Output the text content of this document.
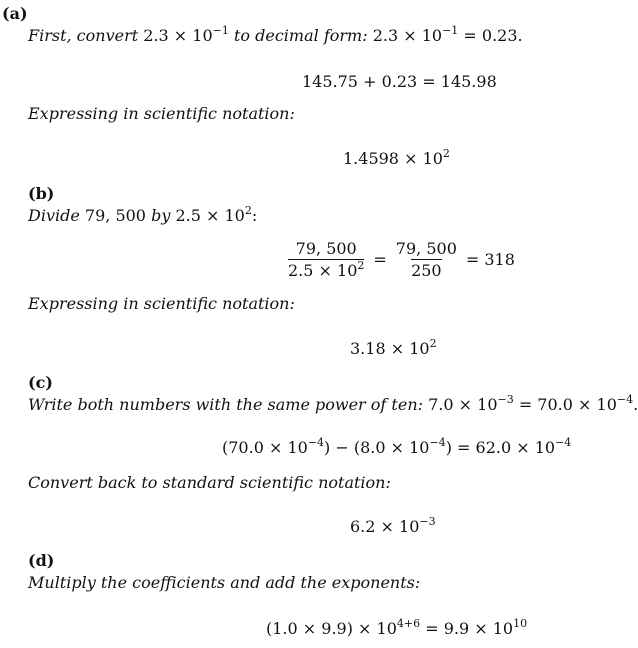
(a)
First, convert $2.3 \times 10^{-1}$ to decimal form: $2.3 \times 10^{-1} = 0.23$.
145.75 + 0.23 = 145.98
Expressing in scientific notation:
$1.4598 \times 10^2$
(b)
Divide 79, 500 by $2.5 \times 10^2$:
$\frac{79, 500}{2.5 \times 10^2} = \frac{79, 500}{250} = 318$
Expressing in scientific notation:
$3.18 \times 10^2$
(c)
Write both numbers with the same power of ten: $7.0 \times 10^{-3} = 70.0 \times 10^{-4}$.
$(70.0 \times 10^{-4}) - (8.0 \times 10^{-4}) = 62.0 \times 10^{-4}$
Convert back to standard scientific notation:
$6.2 \times 10^{-3}$
(d)
Multiply the coefficients and add the exponents:
$(1.0 \times 9.9) \times 10^{4+6} = 9.9 \times 10^{10}$
